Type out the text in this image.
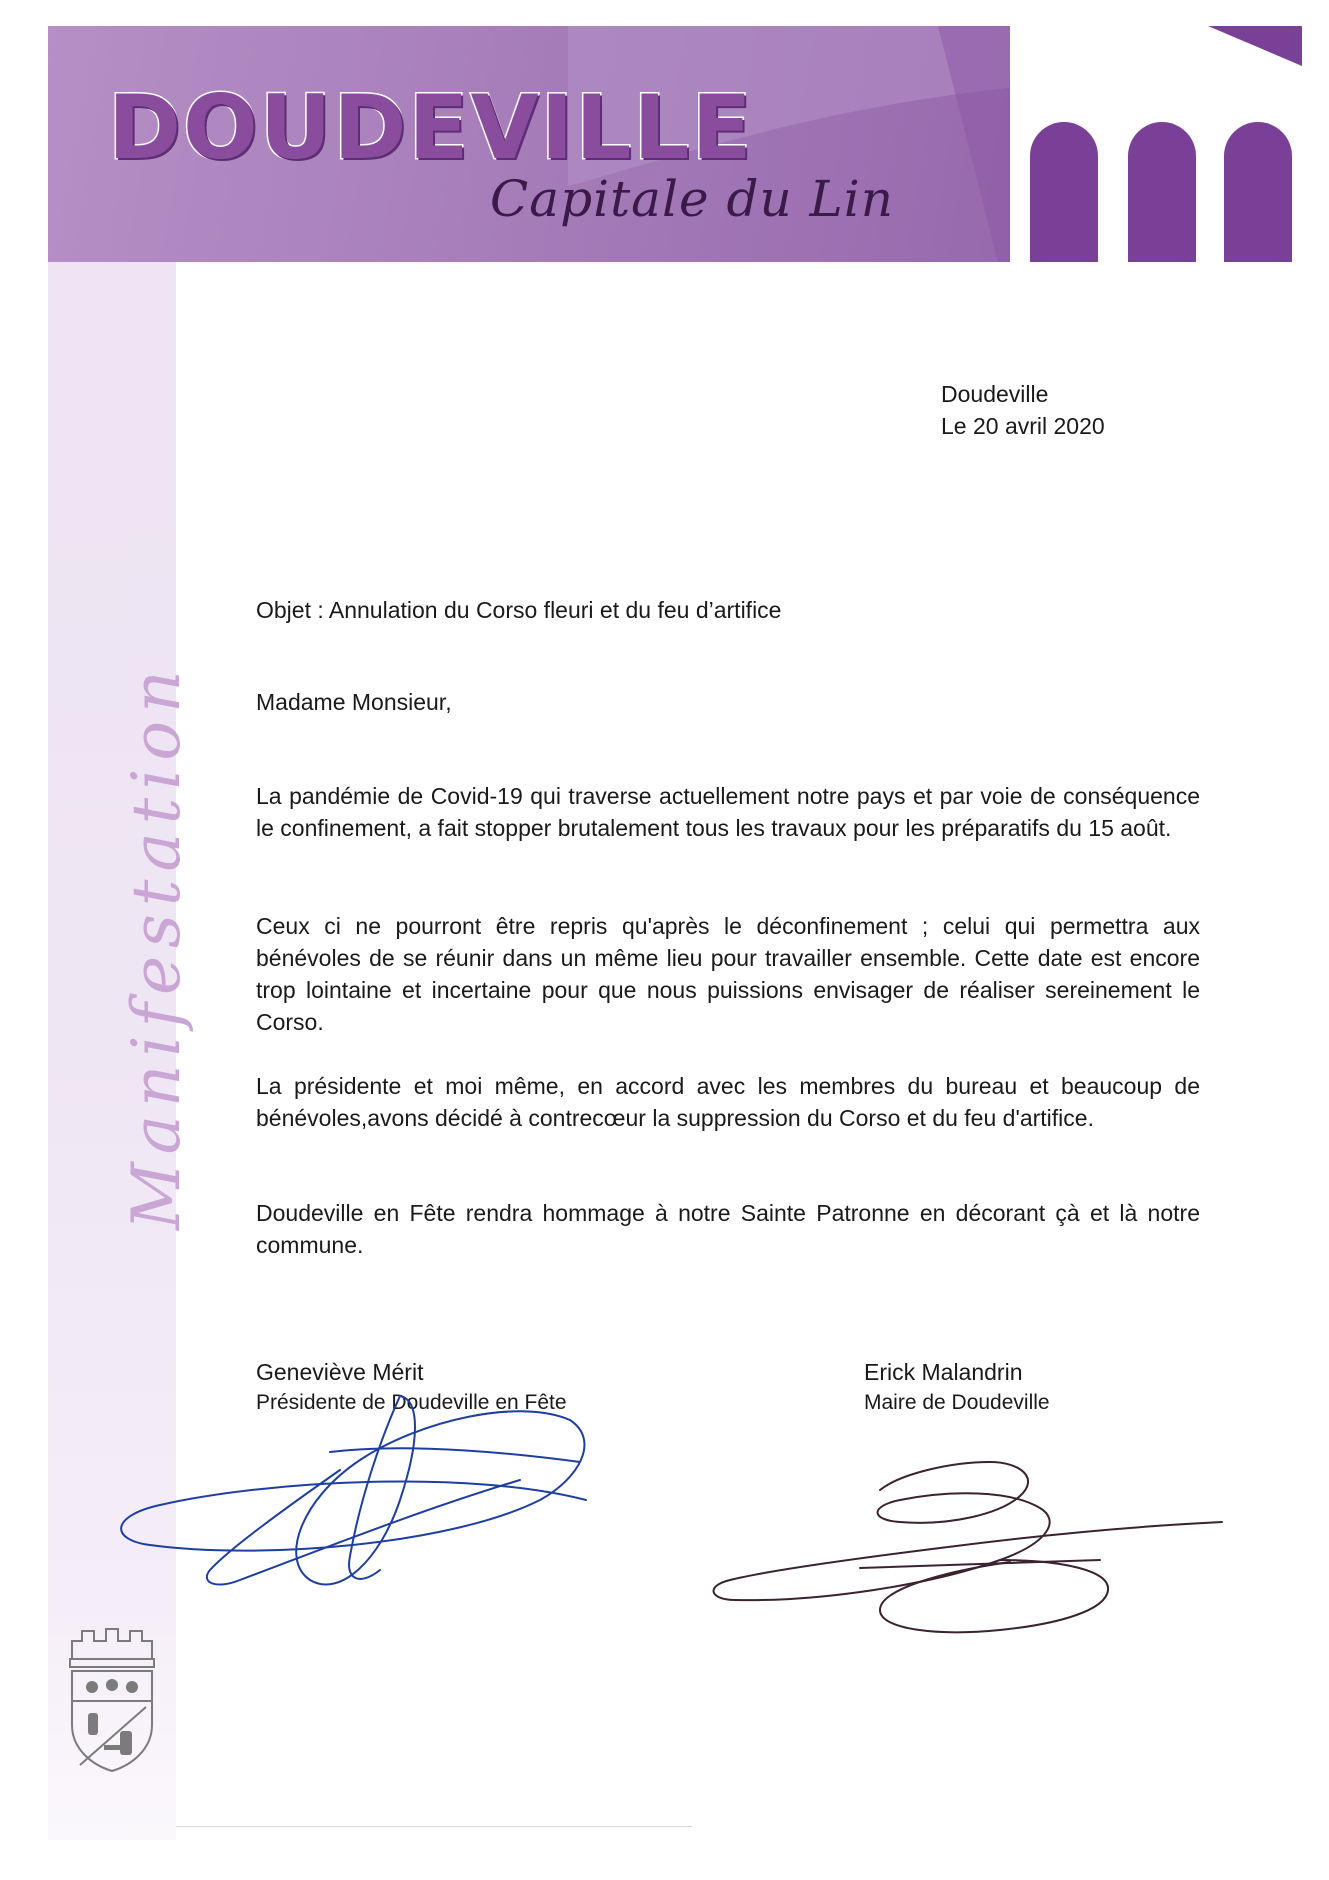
DOUDEVILLE

Capitale du Lin

Manifestation

Doudeville

Le 20 avril 2020

Objet : Annulation du Corso fleuri et du feu d’artifice

Madame Monsieur,

La pandémie de Covid-19 qui traverse actuellement notre pays et par voie de conséquence le confinement, a fait stopper brutalement tous les travaux pour les préparatifs du 15 août.

Ceux ci ne pourront être repris qu'après le déconfinement ; celui qui permettra aux bénévoles de se réunir dans un même lieu pour travailler ensemble. Cette date est encore trop lointaine et incertaine pour que nous puissions envisager de réaliser sereinement le Corso.

La présidente et moi même, en accord avec les membres du bureau et beaucoup de bénévoles,avons décidé à contrecœur la suppression du Corso et du feu d'artifice.

Doudeville en Fête rendra hommage à notre Sainte Patronne en décorant çà et là notre commune.

Geneviève Mérit

Présidente de Doudeville en Fête

Erick Malandrin

Maire de Doudeville
